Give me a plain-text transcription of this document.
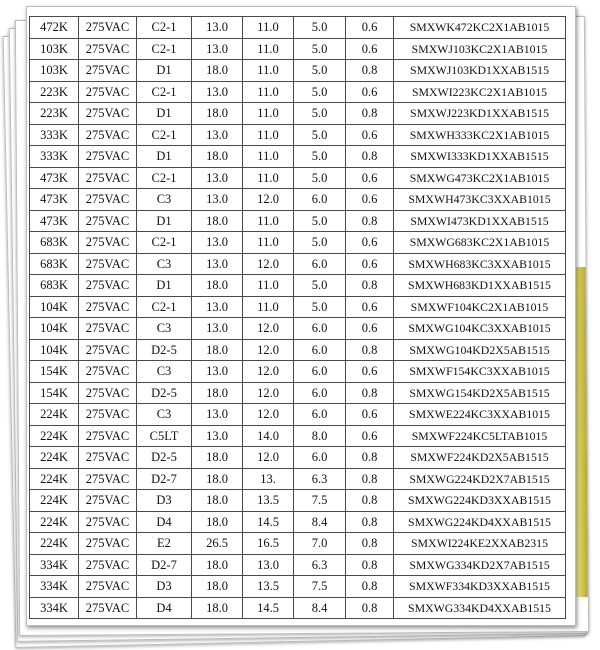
472K	275VAC	C2-1	13.0	11.0	5.0	0.6	SMXWK472KC2X1AB1015
103K	275VAC	C2-1	13.0	11.0	5.0	0.6	SMXWJ103KC2X1AB1015
103K	275VAC	D1	18.0	11.0	5.0	0.8	SMXWJ103KD1XXAB1515
223K	275VAC	C2-1	13.0	11.0	5.0	0.6	SMXWI223KC2X1AB1015
223K	275VAC	D1	18.0	11.0	5.0	0.8	SMXWJ223KD1XXAB1515
333K	275VAC	C2-1	13.0	11.0	5.0	0.6	SMXWH333KC2X1AB1015
333K	275VAC	D1	18.0	11.0	5.0	0.8	SMXWI333KD1XXAB1515
473K	275VAC	C2-1	13.0	11.0	5.0	0.6	SMXWG473KC2X1AB1015
473K	275VAC	C3	13.0	12.0	6.0	0.6	SMXWH473KC3XXAB1015
473K	275VAC	D1	18.0	11.0	5.0	0.8	SMXWI473KD1XXAB1515
683K	275VAC	C2-1	13.0	11.0	5.0	0.6	SMXWG683KC2X1AB1015
683K	275VAC	C3	13.0	12.0	6.0	0.6	SMXWH683KC3XXAB1015
683K	275VAC	D1	18.0	11.0	5.0	0.8	SMXWH683KD1XXAB1515
104K	275VAC	C2-1	13.0	11.0	5.0	0.6	SMXWF104KC2X1AB1015
104K	275VAC	C3	13.0	12.0	6.0	0.6	SMXWG104KC3XXAB1015
104K	275VAC	D2-5	18.0	12.0	6.0	0.8	SMXWG104KD2X5AB1515
154K	275VAC	C3	13.0	12.0	6.0	0.6	SMXWF154KC3XXAB1015
154K	275VAC	D2-5	18.0	12.0	6.0	0.8	SMXWG154KD2X5AB1515
224K	275VAC	C3	13.0	12.0	6.0	0.6	SMXWE224KC3XXAB1015
224K	275VAC	C5LT	13.0	14.0	8.0	0.6	SMXWF224KC5LTAB1015
224K	275VAC	D2-5	18.0	12.0	6.0	0.8	SMXWF224KD2X5AB1515
224K	275VAC	D2-7	18.0	13.	6.3	0.8	SMXWG224KD2X7AB1515
224K	275VAC	D3	18.0	13.5	7.5	0.8	SMXWG224KD3XXAB1515
224K	275VAC	D4	18.0	14.5	8.4	0.8	SMXWG224KD4XXAB1515
224K	275VAC	E2	26.5	16.5	7.0	0.8	SMXWI224KE2XXAB2315
334K	275VAC	D2-7	18.0	13.0	6.3	0.8	SMXWG334KD2X7AB1515
334K	275VAC	D3	18.0	13.5	7.5	0.8	SMXWF334KD3XXAB1515
334K	275VAC	D4	18.0	14.5	8.4	0.8	SMXWG334KD4XXAB1515
